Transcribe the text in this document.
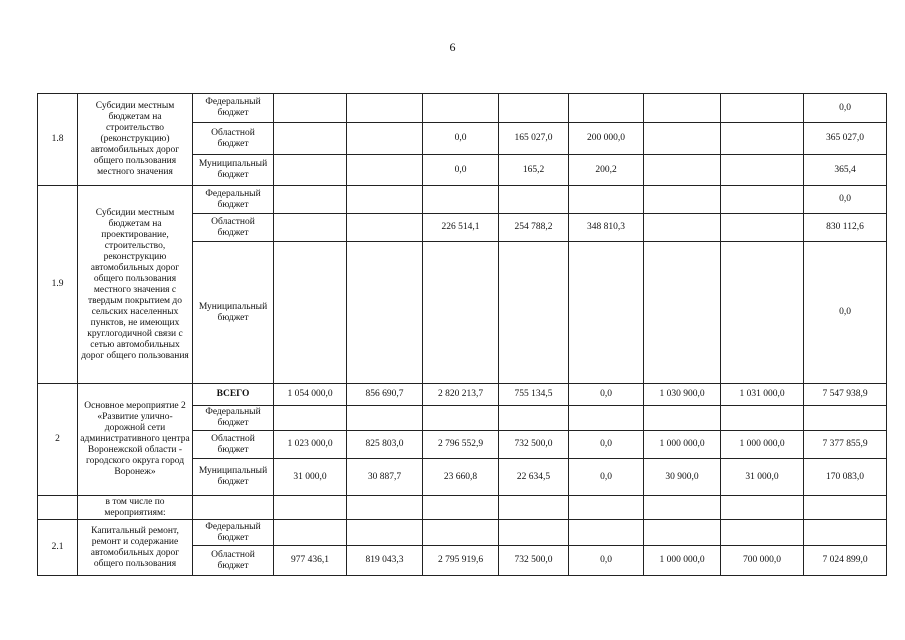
6
1.8	Субсидии местным бюджетам на строительство (реконструкцию) автомобильных дорог общего пользования местного значения	Федеральный бюджет								0,0
		Областной бюджет			0,0	165 027,0	200 000,0			365 027,0
		Муниципальный бюджет			0,0	165,2	200,2			365,4
1.9	Субсидии местным бюджетам на проектирование, строительство, реконструкцию автомобильных дорог общего пользования местного значения с твердым покрытием до сельских населенных пунктов, не имеющих круглогодичной связи с сетью автомобильных дорог общего пользования	Федеральный бюджет								0,0
		Областной бюджет			226 514,1	254 788,2	348 810,3			830 112,6
		Муниципальный бюджет								0,0
2	Основное мероприятие 2 «Развитие улично-дорожной сети административного центра Воронежской области - городского округа город Воронеж»	ВСЕГО	1 054 000,0	856 690,7	2 820 213,7	755 134,5	0,0	1 030 900,0	1 031 000,0	7 547 938,9
		Федеральный бюджет								
		Областной бюджет	1 023 000,0	825 803,0	2 796 552,9	732 500,0	0,0	1 000 000,0	1 000 000,0	7 377 855,9
		Муниципальный бюджет	31 000,0	30 887,7	23 660,8	22 634,5	0,0	30 900,0	31 000,0	170 083,0
	в том числе по мероприятиям:									
2.1	Капитальный ремонт, ремонт и содержание автомобильных дорог общего пользования	Федеральный бюджет								
		Областной бюджет	977 436,1	819 043,3	2 795 919,6	732 500,0	0,0	1 000 000,0	700 000,0	7 024 899,0
